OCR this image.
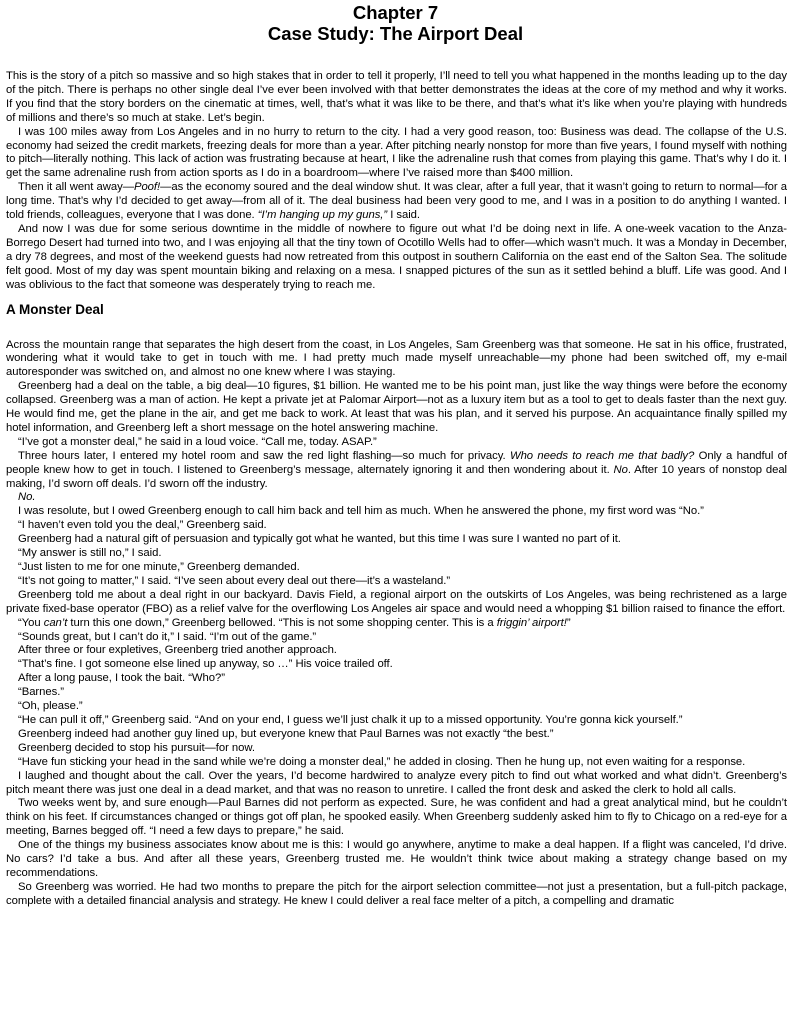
Chapter 7
Case Study: The Airport Deal

This is the story of a pitch so massive and so high stakes that in order to tell it properly, I’ll need to tell you what happened in the months leading up to the day of the pitch. There is perhaps no other single deal I’ve ever been involved with that better demonstrates the ideas at the core of my method and why it works. If you find that the story borders on the cinematic at times, well, that’s what it was like to be there, and that’s what it’s like when you’re playing with hundreds of millions and there’s so much at stake. Let’s begin.

I was 100 miles away from Los Angeles and in no hurry to return to the city. I had a very good reason, too: Business was dead. The collapse of the U.S. economy had seized the credit markets, freezing deals for more than a year. After pitching nearly nonstop for more than five years, I found myself with nothing to pitch—literally nothing. This lack of action was frustrating because at heart, I like the adrenaline rush that comes from playing this game. That’s why I do it. I get the same adrenaline rush from action sports as I do in a boardroom—where I’ve raised more than $400 million.

Then it all went away—Poof!—as the economy soured and the deal window shut. It was clear, after a full year, that it wasn’t going to return to normal—for a long time. That’s why I’d decided to get away—from all of it. The deal business had been very good to me, and I was in a position to do anything I wanted. I told friends, colleagues, everyone that I was done. “I’m hanging up my guns,” I said.

And now I was due for some serious downtime in the middle of nowhere to figure out what I’d be doing next in life. A one-week vacation to the Anza-Borrego Desert had turned into two, and I was enjoying all that the tiny town of Ocotillo Wells had to offer—which wasn’t much. It was a Monday in December, a dry 78 degrees, and most of the weekend guests had now retreated from this outpost in southern California on the east end of the Salton Sea. The solitude felt good. Most of my day was spent mountain biking and relaxing on a mesa. I snapped pictures of the sun as it settled behind a bluff. Life was good. And I was oblivious to the fact that someone was desperately trying to reach me.

A Monster Deal

Across the mountain range that separates the high desert from the coast, in Los Angeles, Sam Greenberg was that someone. He sat in his office, frustrated, wondering what it would take to get in touch with me. I had pretty much made myself unreachable—my phone had been switched off, my e-mail autoresponder was switched on, and almost no one knew where I was staying.

Greenberg had a deal on the table, a big deal—10 figures, $1 billion. He wanted me to be his point man, just like the way things were before the economy collapsed. Greenberg was a man of action. He kept a private jet at Palomar Airport—not as a luxury item but as a tool to get to deals faster than the next guy. He would find me, get the plane in the air, and get me back to work. At least that was his plan, and it served his purpose. An acquaintance finally spilled my hotel information, and Greenberg left a short message on the hotel answering machine.

“I’ve got a monster deal,” he said in a loud voice. “Call me, today. ASAP.”

Three hours later, I entered my hotel room and saw the red light flashing—so much for privacy. Who needs to reach me that badly? Only a handful of people knew how to get in touch. I listened to Greenberg’s message, alternately ignoring it and then wondering about it. No. After 10 years of nonstop deal making, I’d sworn off deals. I’d sworn off the industry.

No.

I was resolute, but I owed Greenberg enough to call him back and tell him as much. When he answered the phone, my first word was “No.”

“I haven’t even told you the deal,” Greenberg said.

Greenberg had a natural gift of persuasion and typically got what he wanted, but this time I was sure I wanted no part of it.

“My answer is still no,” I said.

“Just listen to me for one minute,” Greenberg demanded.

“It’s not going to matter,” I said. “I’ve seen about every deal out there—it’s a wasteland.”

Greenberg told me about a deal right in our backyard. Davis Field, a regional airport on the outskirts of Los Angeles, was being rechristened as a large private fixed-base operator (FBO) as a relief valve for the overflowing Los Angeles air space and would need a whopping $1 billion raised to finance the effort.

“You can’t turn this one down,” Greenberg bellowed. “This is not some shopping center. This is a friggin’ airport!”

“Sounds great, but I can’t do it,” I said. “I’m out of the game.”

After three or four expletives, Greenberg tried another approach.

“That’s fine. I got someone else lined up anyway, so …” His voice trailed off.

After a long pause, I took the bait. “Who?”

“Barnes.”

“Oh, please.”

“He can pull it off,” Greenberg said. “And on your end, I guess we’ll just chalk it up to a missed opportunity. You’re gonna kick yourself.”

Greenberg indeed had another guy lined up, but everyone knew that Paul Barnes was not exactly “the best.”

Greenberg decided to stop his pursuit—for now.

“Have fun sticking your head in the sand while we’re doing a monster deal,” he added in closing. Then he hung up, not even waiting for a response.

I laughed and thought about the call. Over the years, I’d become hardwired to analyze every pitch to find out what worked and what didn’t. Greenberg’s pitch meant there was just one deal in a dead market, and that was no reason to unretire. I called the front desk and asked the clerk to hold all calls.

Two weeks went by, and sure enough—Paul Barnes did not perform as expected. Sure, he was confident and had a great analytical mind, but he couldn’t think on his feet. If circumstances changed or things got off plan, he spooked easily. When Greenberg suddenly asked him to fly to Chicago on a red-eye for a meeting, Barnes begged off. “I need a few days to prepare,” he said.

One of the things my business associates know about me is this: I would go anywhere, anytime to make a deal happen. If a flight was canceled, I’d drive. No cars? I’d take a bus. And after all these years, Greenberg trusted me. He wouldn’t think twice about making a strategy change based on my recommendations.

So Greenberg was worried. He had two months to prepare the pitch for the airport selection committee—not just a presentation, but a full-pitch package, complete with a detailed financial analysis and strategy. He knew I could deliver a real face melter of a pitch, a compelling and dramatic
